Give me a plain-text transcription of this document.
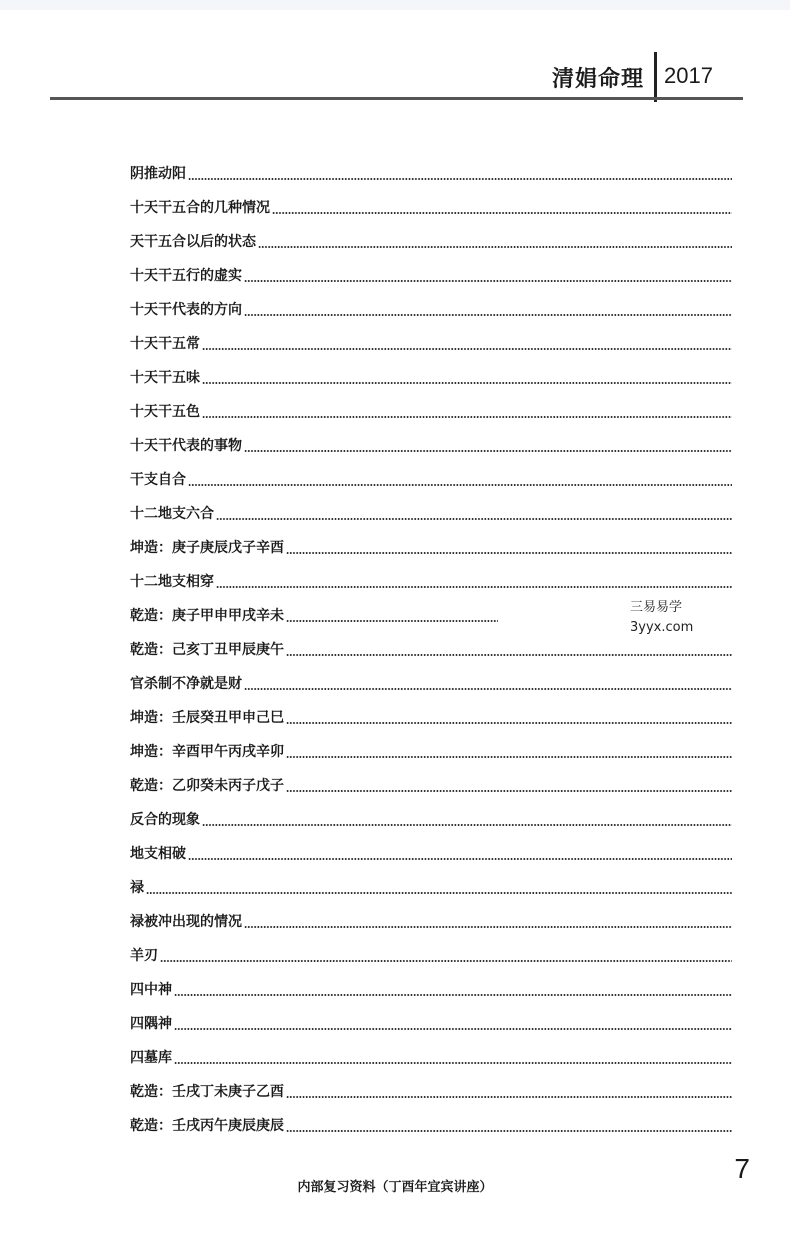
清娟命理 2017
阴推动阳
十天干五合的几种情况
天干五合以后的状态
十天干五行的虚实
十天干代表的方向
十天干五常
十天干五味
十天干五色
十天干代表的事物
干支自合
十二地支六合
坤造：庚子庚辰戊子辛酉
十二地支相穿
乾造：庚子甲申甲戌辛未
乾造：己亥丁丑甲辰庚午
官杀制不净就是财
坤造：壬辰癸丑甲申己巳
坤造：辛酉甲午丙戌辛卯
乾造：乙卯癸未丙子戊子
反合的现象
地支相破
禄
禄被冲出现的情况
羊刃
四中神
四隅神
四墓库
乾造：壬戌丁未庚子乙酉
乾造：壬戌丙午庚辰庚辰
三易易学
3yyx.com
内部复习资料（丁酉年宜宾讲座）
7
